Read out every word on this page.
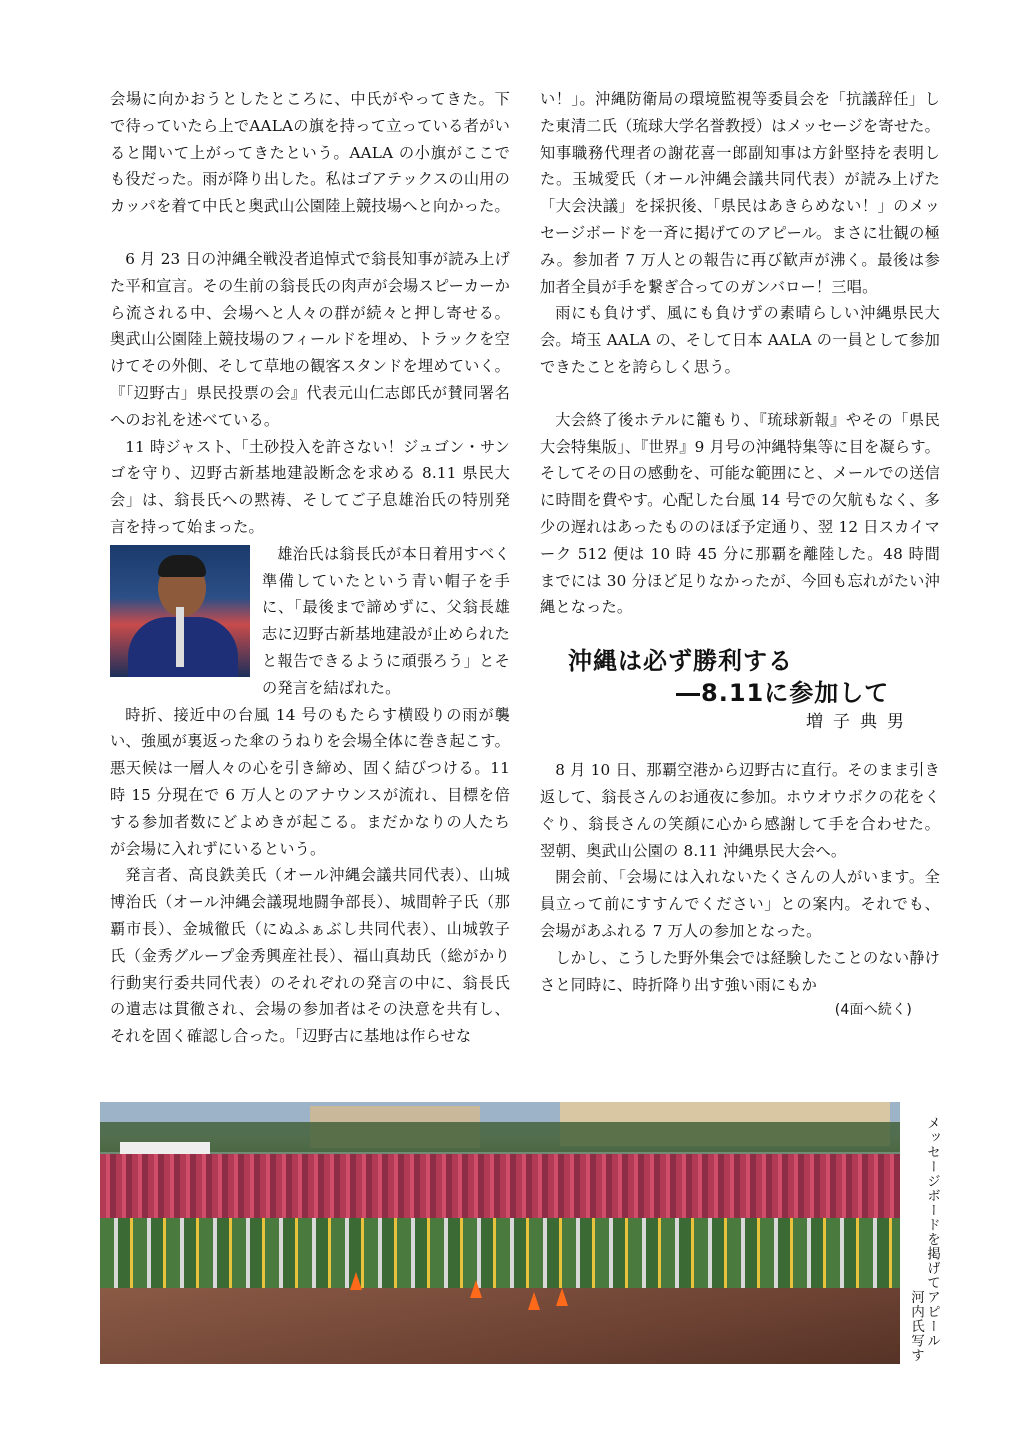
会場に向かおうとしたところに、中氏がやってきた。下で待っていたら上でAALAの旗を持って立っている者がいると聞いて上がってきたという。AALA の小旗がここでも役だった。雨が降り出した。私はゴアテックスの山用のカッパを着て中氏と奥武山公園陸上競技場へと向かった。

6 月 23 日の沖縄全戦没者追悼式で翁長知事が読み上げた平和宣言。その生前の翁長氏の肉声が会場スピーカーから流される中、会場へと人々の群が続々と押し寄せる。奥武山公園陸上競技場のフィールドを埋め、トラックを空けてその外側、そして草地の観客スタンドを埋めていく。『「辺野古」県民投票の会』代表元山仁志郎氏が賛同署名へのお礼を述べている。

11 時ジャスト、「土砂投入を許さない！ジュゴン・サンゴを守り、辺野古新基地建設断念を求める 8.11 県民大会」は、翁長氏への黙祷、そしてご子息雄治氏の特別発言を持って始まった。

雄治氏は翁長氏が本日着用すべく準備していたという青い帽子を手に、「最後まで諦めずに、父翁長雄志に辺野古新基地建設が止められたと報告できるように頑張ろう」とその発言を結ばれた。

時折、接近中の台風 14 号のもたらす横殴りの雨が襲い、強風が裏返った傘のうねりを会場全体に巻き起こす。悪天候は一層人々の心を引き締め、固く結びつける。11 時 15 分現在で 6 万人とのアナウンスが流れ、目標を倍する参加者数にどよめきが起こる。まだかなりの人たちが会場に入れずにいるという。

発言者、高良鉄美氏（オール沖縄会議共同代表）、山城博治氏（オール沖縄会議現地闘争部長）、城間幹子氏（那覇市長）、金城徹氏（にぬふぁぶし共同代表）、山城敦子氏（金秀グループ金秀興産社長）、福山真劫氏（総がかり行動実行委共同代表）のそれぞれの発言の中に、翁長氏の遺志は貫徹され、会場の参加者はその決意を共有し、それを固く確認し合った。「辺野古に基地は作らせな

い！」。沖縄防衛局の環境監視等委員会を「抗議辞任」した東清二氏（琉球大学名誉教授）はメッセージを寄せた。知事職務代理者の謝花喜一郎副知事は方針堅持を表明した。玉城愛氏（オール沖縄会議共同代表）が読み上げた「大会決議」を採択後、「県民はあきらめない！」のメッセージボードを一斉に掲げてのアピール。まさに壮観の極み。参加者 7 万人との報告に再び歓声が沸く。最後は参加者全員が手を繋ぎ合ってのガンバロー！三唱。

雨にも負けず、風にも負けずの素晴らしい沖縄県民大会。埼玉 AALA の、そして日本 AALA の一員として参加できたことを誇らしく思う。

大会終了後ホテルに籠もり、『琉球新報』やその「県民大会特集版」、『世界』9 月号の沖縄特集等に目を凝らす。そしてその日の感動を、可能な範囲にと、メールでの送信に時間を費やす。心配した台風 14 号での欠航もなく、多少の遅れはあったもののほぼ予定通り、翌 12 日スカイマーク 512 便は 10 時 45 分に那覇を離陸した。48 時間までには 30 分ほど足りなかったが、今回も忘れがたい沖縄となった。

沖縄は必ず勝利する
―8.11に参加して
増子典男

8 月 10 日、那覇空港から辺野古に直行。そのまま引き返して、翁長さんのお通夜に参加。ホウオウボクの花をくぐり、翁長さんの笑顔に心から感謝して手を合わせた。翌朝、奥武山公園の 8.11 沖縄県民大会へ。

開会前、「会場には入れないたくさんの人がいます。全員立って前にすすんでください」との案内。それでも、会場があふれる 7 万人の参加となった。

しかし、こうした野外集会では経験したことのない静けさと同時に、時折降り出す強い雨にもか

(4面へ続く)
メッセージボードを掲げてアピール
河内氏写す
